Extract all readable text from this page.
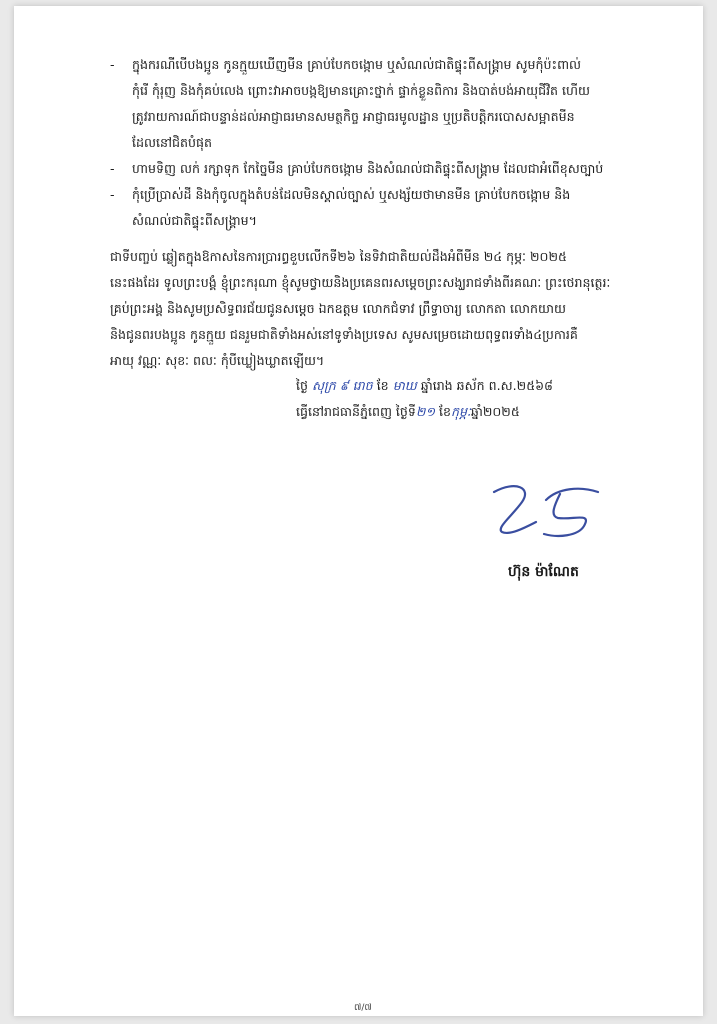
- ក្នុងករណីបើបងប្អូន កូនក្មួយឃើញមីន គ្រាប់បែកចង្កោម ឬសំណល់ជាតិផ្ទុះពីសង្គ្រាម សូមកុំប៉ះពាល់

កុំរើ កុំរុញ និងកុំគប់លេង ព្រោះវាអាចបង្កឱ្យមានគ្រោះថ្នាក់ ផ្ទាក់ខ្លួនពិការ និងបាត់បង់អាយុជីវិត ហើយ

ត្រូវរាយការណ៍ជាបន្ទាន់ដល់អាជ្ញាធរមានសមត្ថកិច្ច អាជ្ញាធរមូលដ្ឋាន ឬប្រតិបត្តិករបោសសម្អាតមីន

ដែលនៅជិតបំផុត

- ហាមទិញ លក់ រក្សាទុក កែច្នៃមីន គ្រាប់បែកចង្កោម និងសំណល់ជាតិផ្ទុះពីសង្គ្រាម ដែលជាអំពើខុសច្បាប់

- កុំប្រើប្រាស់ដី និងកុំចូលក្នុងតំបន់ដែលមិនស្គាល់ច្បាស់ ឬសង្ស័យថាមានមីន គ្រាប់បែកចង្កោម និង

សំណល់ជាតិផ្ទុះពីសង្គ្រាម។

ជាទីបញ្ចប់ ឆ្លៀតក្នុងឱកាសនៃការប្រារព្ធខួបលើកទី២៦ នៃទិវាជាតិយល់ដឹងអំពីមីន ២៤ កុម្ភៈ ២០២៥

នេះផងដែរ ទូលព្រះបង្គំ ខ្ញុំព្រះករុណា ខ្ញុំសូមថ្វាយនិងប្រគេនពរសម្តេចព្រះសង្ឃរាជទាំងពីរគណៈ ព្រះថេរានុត្ថេរៈ

គ្រប់ព្រះអង្គ និងសូមប្រសិទ្ធពរជ័យជូនសម្តេច ឯកឧត្តម លោកជំទាវ ព្រឹទ្ធាចារ្យ លោកតា លោកយាយ

និងជូនពរបងប្អូន កូនក្មួយ ជនរួមជាតិទាំងអស់នៅទូទាំងប្រទេស សូមសម្រេចដោយពុទ្ធពរទាំង៤ប្រការគឺ

អាយុ វណ្ណៈ សុខៈ ពលៈ កុំបីឃ្លៀងឃ្លាតឡើយ។

ថ្ងៃ សុក្រ ៩ រោច ខែ មាឃ ឆ្នាំរោង ឆស័ក ព.ស.២៥៦៨

ធ្វើនៅរាជធានីភ្នំពេញ ថ្ងៃទី២១ ខែកុម្ភៈឆ្នាំ២០២៥

ហ៊ុន ម៉ាណែត
៧/៧
